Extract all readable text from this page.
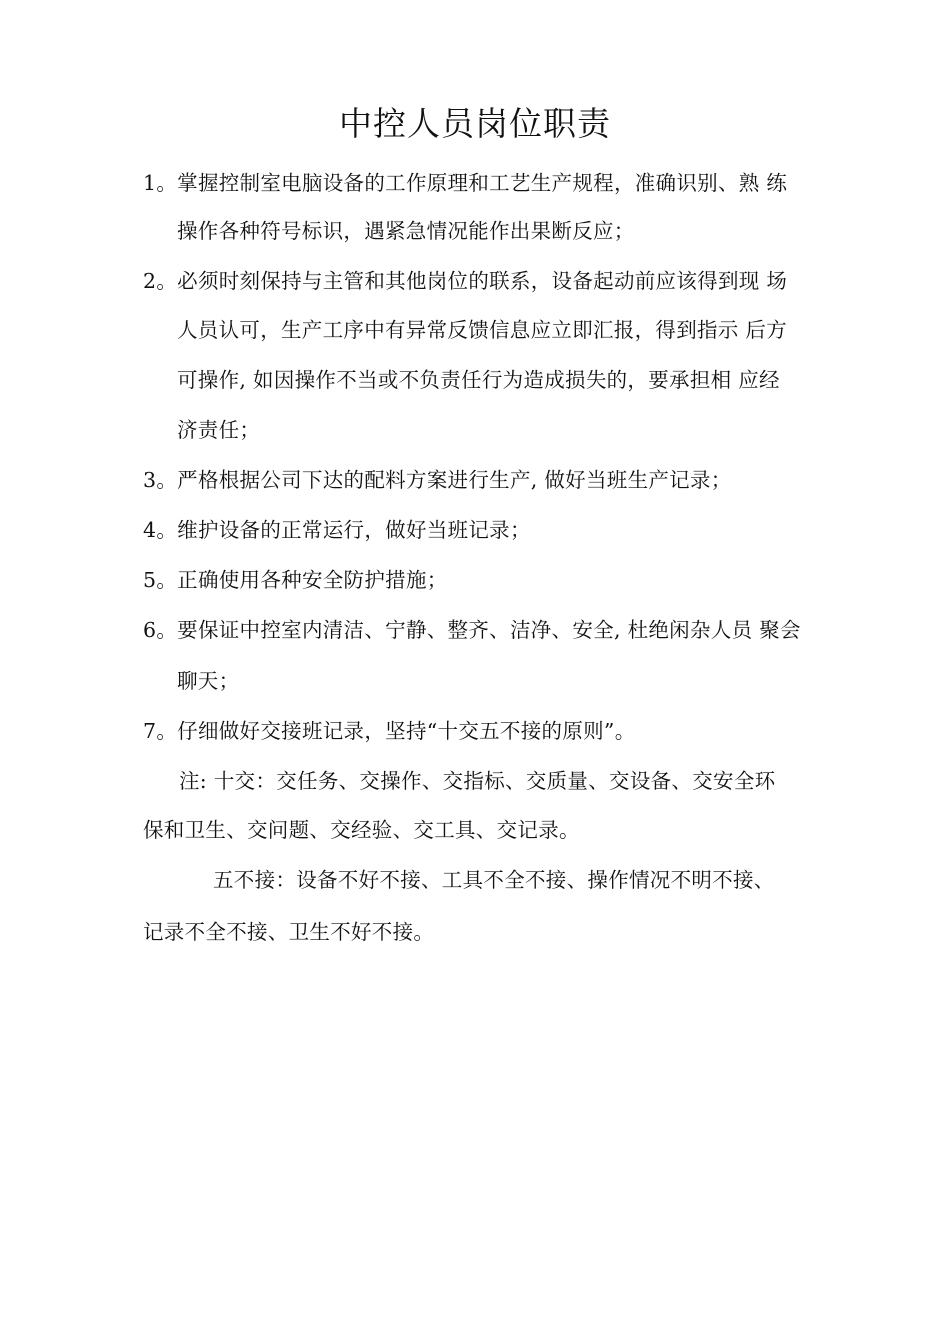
中控人员岗位职责
1。掌握控制室电脑设备的工作原理和工艺生产规程，准确识别、熟 练
操作各种符号标识，遇紧急情况能作出果断反应；
2。必须时刻保持与主管和其他岗位的联系，设备起动前应该得到现 场
人员认可，生产工序中有异常反馈信息应立即汇报，得到指示 后方
可操作, 如因操作不当或不负责任行为造成损失的，要承担相 应经
济责任；
3。严格根据公司下达的配料方案进行生产, 做好当班生产记录；
4。维护设备的正常运行，做好当班记录；
5。正确使用各种安全防护措施；
6。要保证中控室内清洁、宁静、整齐、洁净、安全, 杜绝闲杂人员 聚会
聊天；
7。仔细做好交接班记录，坚持“十交五不接的原则”。
注: 十交：交任务、交操作、交指标、交质量、交设备、交安全环
保和卫生、交问题、交经验、交工具、交记录。
五不接：设备不好不接、工具不全不接、操作情况不明不接、
记录不全不接、卫生不好不接。
